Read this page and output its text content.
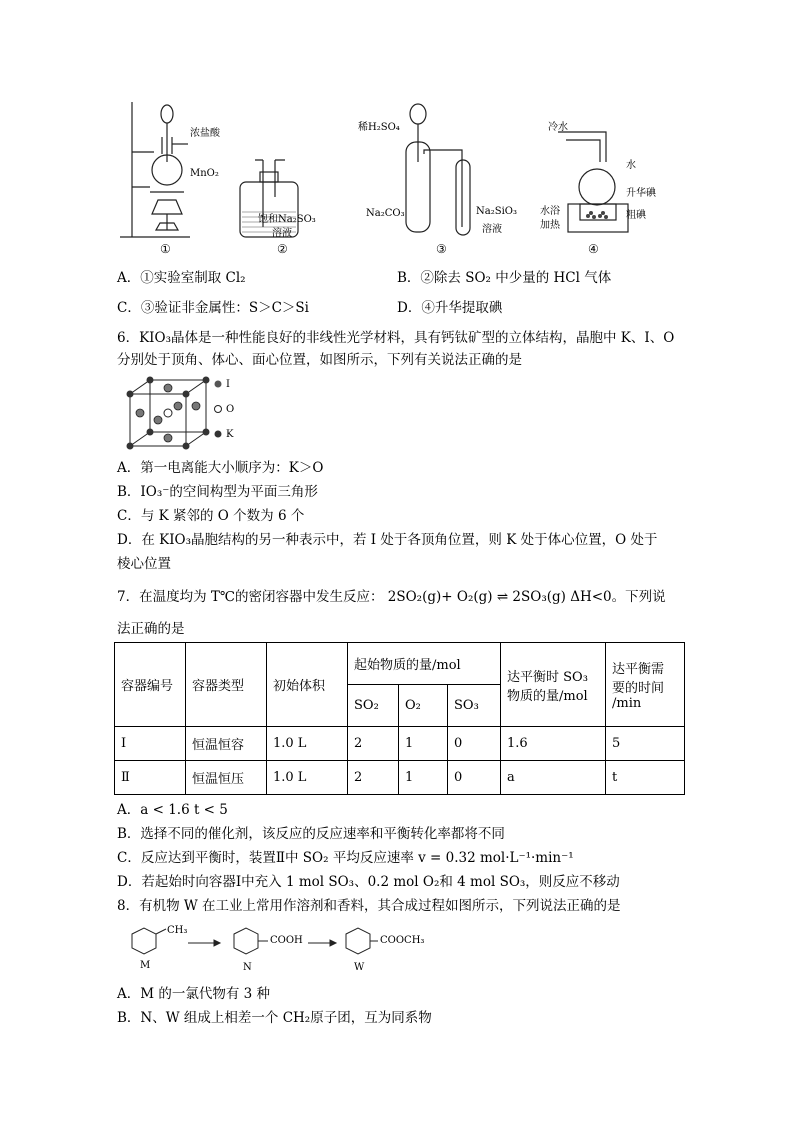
浓盐酸
MnO₂
①
饱和Na₂SO₃
溶液
②
稀H₂SO₄
Na₂CO₃	Na₂SiO₃
溶液
③
冷水
水
升华碘
水浴
加热
粗碘
④
A．①实验室制取 Cl₂	B．②除去 SO₂ 中少量的 HCl 气体
C．③验证非金属性：S＞C＞Si	D．④升华提取碘
6．KIO₃晶体是一种性能良好的非线性光学材料，具有钙钛矿型的立体结构，晶胞中 K、I、O
分别处于顶角、体心、面心位置，如图所示，下列有关说法正确的是
I
O
K
A．第一电离能大小顺序为：K＞O
B．IO₃⁻的空间构型为平面三角形
C．与 K 紧邻的 O 个数为 6 个
D．在 KIO₃晶胞结构的另一种表示中，若 I 处于各顶角位置，则 K 处于体心位置，O 处于
棱心位置
7．在温度均为 T℃的密闭容器中发生反应： 2SO₂(g)+ O₂(g) ⇌ 2SO₃(g) ΔH<0。下列说
法正确的是
容器编号	容器类型	初始体积	起始物质的量/mol			达平衡时 SO₃
物质的量/mol	达平衡需
要的时间
/min
			SO₂	O₂	SO₃		
Ⅰ	恒温恒容	1.0 L	2	1	0	1.6	5
Ⅱ	恒温恒压	1.0 L	2	1	0	a	t
A．a < 1.6 t < 5
B．选择不同的催化剂，该反应的反应速率和平衡转化率都将不同
C．反应达到平衡时，装置Ⅱ中 SO₂ 平均反应速率 v = 0.32 mol·L⁻¹·min⁻¹
D．若起始时向容器Ⅰ中充入 1 mol SO₃、0.2 mol O₂和 4 mol SO₃，则反应不移动
8．有机物 W 在工业上常用作溶剂和香料，其合成过程如图所示，下列说法正确的是
CH₃
M
COOH
N
COOCH₃
W
A．M 的一氯代物有 3 种
B．N、W 组成上相差一个 CH₂原子团，互为同系物
